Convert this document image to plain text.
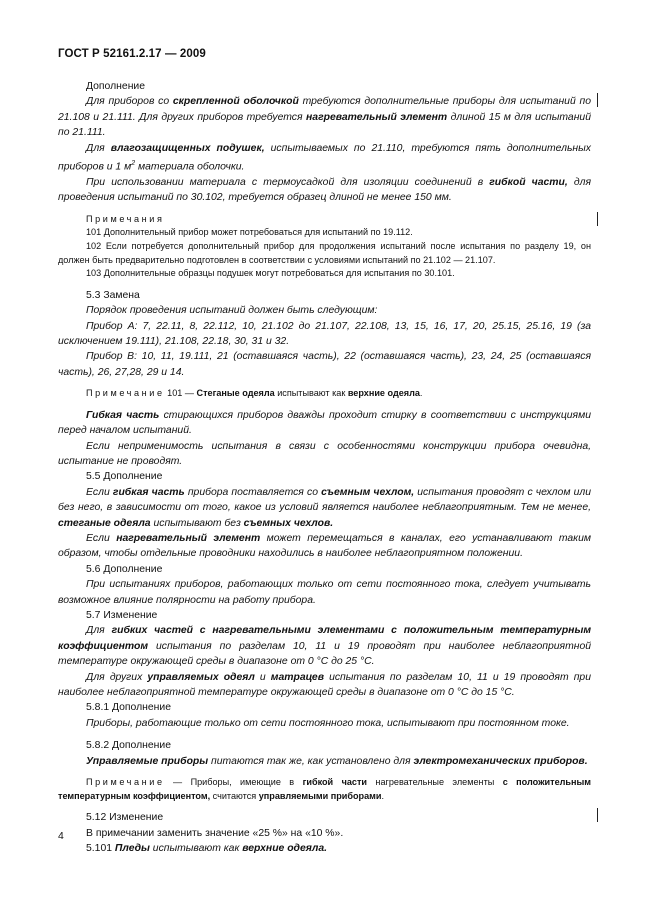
ГОСТ Р 52161.2.17 — 2009

Дополнение

Для приборов со скрепленной оболочкой требуются дополнительные приборы для испытаний по 21.108 и 21.111. Для других приборов требуется нагревательный элемент длиной 15 м для испытаний по 21.111.

Для влагозащищенных подушек, испытываемых по 21.110, требуются пять дополнительных приборов и 1 $м^2$ материала оболочки.

При использовании материала с термоусадкой для изоляции соединений в гибкой части, для проведения испытаний по 30.102, требуется образец длиной не менее 150 мм.

Примечания

101 Дополнительный прибор может потребоваться для испытаний по 19.112.

102 Если потребуется дополнительный прибор для продолжения испытаний после испытания по разделу 19, он должен быть предварительно подготовлен в соответствии с условиями испытаний по 21.102 — 21.107.

103 Дополнительные образцы подушек могут потребоваться для испытания по 30.101.

5.3 Замена

Порядок проведения испытаний должен быть следующим:

Прибор А: 7, 22.11, 8, 22.112, 10, 21.102 до 21.107, 22.108, 13, 15, 16, 17, 20, 25.15, 25.16, 19 (за исключением 19.111), 21.108, 22.18, 30, 31 и 32.

Прибор В: 10, 11, 19.111, 21 (оставшаяся часть), 22 (оставшаяся часть), 23, 24, 25 (оставшаяся часть), 26, 27,28, 29 и 14.

Примечание 101 — Стеганые одеяла испытывают как верхние одеяла.

Гибкая часть стирающихся приборов дважды проходит стирку в соответствии с инструкциями перед началом испытаний.

Если неприменимость испытания в связи с особенностями конструкции прибора очевидна, испытание не проводят.

5.5 Дополнение

Если гибкая часть прибора поставляется со съемным чехлом, испытания проводят с чехлом или без него, в зависимости от того, какое из условий является наиболее неблагоприятным. Тем не менее, стеганые одеяла испытывают без съемных чехлов.

Если нагревательный элемент может перемещаться в каналах, его устанавливают таким образом, чтобы отдельные проводники находились в наиболее неблагоприятном положении.

5.6 Дополнение

При испытаниях приборов, работающих только от сети постоянного тока, следует учитывать возможное влияние полярности на работу прибора.

5.7 Изменение

Для гибких частей с нагревательными элементами с положительным температурным коэффициентом испытания по разделам 10, 11 и 19 проводят при наиболее неблагоприятной температуре окружающей среды в диапазоне от 0 °С до 25 °С.

Для других управляемых одеял и матрацев испытания по разделам 10, 11 и 19 проводят при наиболее неблагоприятной температуре окружающей среды в диапазоне от 0 °С до 15 °С.

5.8.1 Дополнение

Приборы, работающие только от сети постоянного тока, испытывают при постоянном токе.

5.8.2 Дополнение

Управляемые приборы питаются так же, как установлено для электромеханических приборов.

Примечание — Приборы, имеющие в гибкой части нагревательные элементы с положительным температурным коэффициентом, считаются управляемыми приборами.

5.12 Изменение

В примечании заменить значение «25 %» на «10 %».

5.101 Пледы испытывают как верхние одеяла.

4
